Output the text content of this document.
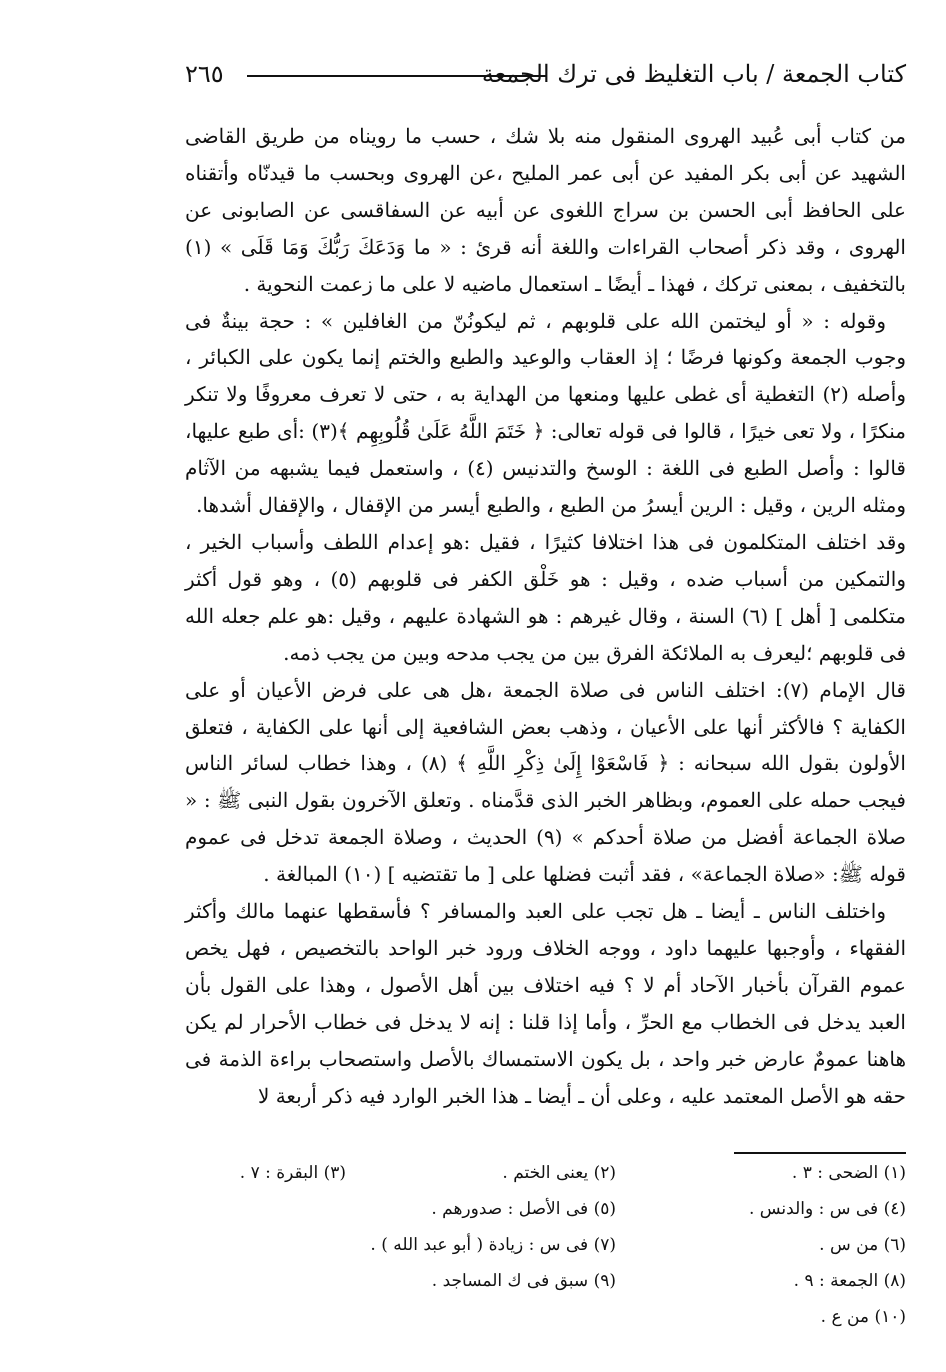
كتاب الجمعة / باب التغليظ فى ترك الجمعة
٢٦٥

من كتاب أبى عُبيد الهروى المنقول منه بلا شك ، حسب ما رويناه من طريق القاضى الشهيد عن أبى بكر المفيد عن أبى عمر المليح ،عن الهروى وبحسب ما قيدنّاه وأتقناه على الحافظ أبى الحسن بن سراج اللغوى عن أبيه عن السفاقسى عن الصابونى عن الهروى ، وقد ذكر أصحاب القراءات واللغة أنه قرئ : « ما وَدَعَكَ رَبُّكَ وَمَا قَلَى » (١) بالتخفيف ، بمعنى تركك ، فهذا ـ أيضًا ـ استعمال ماضيه لا على ما زعمت النحوية .

وقوله : « أو ليختمن الله على قلوبهم ، ثم ليكونُنّ من الغافلين » : حجة بينةٌ فى وجوب الجمعة وكونها فرضًا ؛ إذ العقاب والوعيد والطبع والختم إنما يكون على الكبائر ، وأصله (٢) التغطية أى غطى عليها ومنعها من الهداية به ، حتى لا تعرف معروفًا ولا تنكر منكرًا ، ولا تعى خيرًا ، قالوا فى قوله تعالى: ﴿ خَتَمَ اللَّهُ عَلَىٰ قُلُوبِهِم ﴾(٣) :أى طبع عليها، قالوا : وأصل الطبع فى اللغة : الوسخ والتدنيس (٤) ، واستعمل فيما يشبهه من الآثام ومثله الرين ، وقيل : الرين أيسرُ من الطبع ، والطبع أيسر من الإقفال ، والإقفال أشدها.

وقد اختلف المتكلمون فى هذا اختلافا كثيرًا ، فقيل :هو إعدام اللطف وأسباب الخير ، والتمكين من أسباب ضده ، وقيل : هو خَلْق الكفر فى قلوبهم (٥) ، وهو قول أكثر متكلمى [ أهل ] (٦) السنة ، وقال غيرهم : هو الشهادة عليهم ، وقيل :هو علم جعله الله فى قلوبهم ؛ليعرف به الملائكة الفرق بين من يجب مدحه وبين من يجب ذمه.

قال الإمام (٧): اختلف الناس فى صلاة الجمعة ،هل هى على فرض الأعيان أو على الكفاية ؟ فالأكثر أنها على الأعيان ، وذهب بعض الشافعية إلى أنها على الكفاية ، فتعلق الأولون بقول الله سبحانه : ﴿ فَاسْعَوْا إِلَىٰ ذِكْرِ اللَّهِ ﴾ (٨) ، وهذا خطاب لسائر الناس فيجب حمله على العموم، وبظاهر الخبر الذى قدَّمناه . وتعلق الآخرون بقول النبى ﷺ : « صلاة الجماعة أفضل من صلاة أحدكم » (٩) الحديث ، وصلاة الجمعة تدخل فى عموم قوله ﷺ: «صلاة الجماعة» ، فقد أثبت فضلها على [ ما تقتضيه ] (١٠) المبالغة .

واختلف الناس ـ أيضا ـ هل تجب على العبد والمسافر ؟ فأسقطها عنهما مالك وأكثر الفقهاء ، وأوجبها عليهما داود ، ووجه الخلاف ورود خبر الواحد بالتخصيص ، فهل يخص عموم القرآن بأخبار الآحاد أم لا ؟ فيه اختلاف بين أهل الأصول ، وهذا على القول بأن العبد يدخل فى الخطاب مع الحرِّ ، وأما إذا قلنا : إنه لا يدخل فى خطاب الأحرار لم يكن هاهنا عمومٌ عارض خبر واحد ، بل يكون الاستمساك بالأصل واستصحاب براءة الذمة فى حقه هو الأصل المعتمد عليه ، وعلى أن ـ أيضا ـ هذا الخبر الوارد فيه ذكر أربعة لا

(١) الضحى : ٣ .
(٢) يعنى الختم .
(٣) البقرة : ٧ .
(٤) فى س : والدنس .
(٥) فى الأصل : صدورهم .
(٦) من س .
(٧) فى س : زيادة ( أبو عبد الله ) .
(٨) الجمعة : ٩ .
(٩) سبق فى ك المساجد .
(١٠) من ع .
